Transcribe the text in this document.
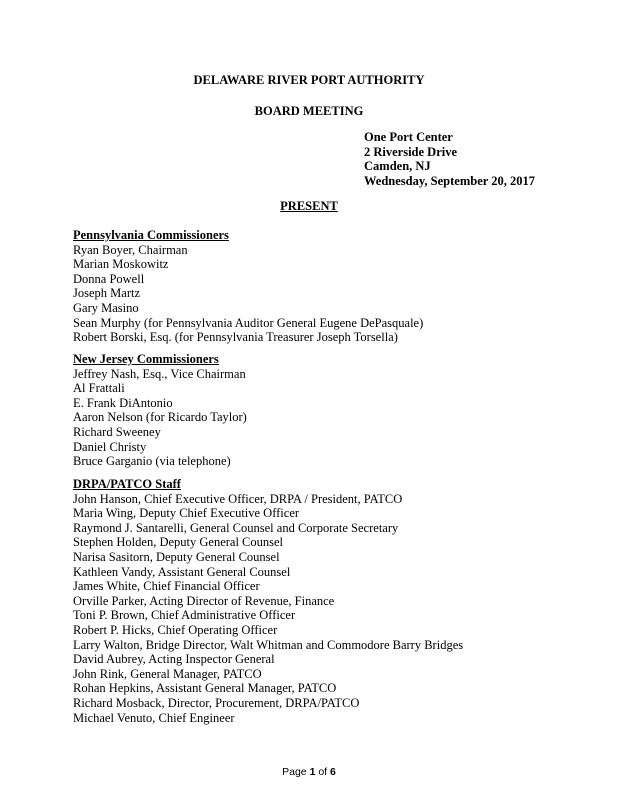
DELAWARE RIVER PORT AUTHORITY
BOARD MEETING
One Port Center
2 Riverside Drive
Camden, NJ
Wednesday, September 20, 2017
PRESENT
Pennsylvania Commissioners
Ryan Boyer, Chairman
Marian Moskowitz
Donna Powell
Joseph Martz
Gary Masino
Sean Murphy (for Pennsylvania Auditor General Eugene DePasquale)
Robert Borski, Esq. (for Pennsylvania Treasurer Joseph Torsella)
New Jersey Commissioners
Jeffrey Nash, Esq., Vice Chairman
Al Frattali
E. Frank DiAntonio
Aaron Nelson (for Ricardo Taylor)
Richard Sweeney
Daniel Christy
Bruce Garganio (via telephone)
DRPA/PATCO Staff
John Hanson, Chief Executive Officer, DRPA / President, PATCO
Maria Wing, Deputy Chief Executive Officer
Raymond J. Santarelli, General Counsel and Corporate Secretary
Stephen Holden, Deputy General Counsel
Narisa Sasitorn, Deputy General Counsel
Kathleen Vandy, Assistant General Counsel
James White, Chief Financial Officer
Orville Parker, Acting Director of Revenue, Finance
Toni P. Brown, Chief Administrative Officer
Robert P. Hicks, Chief Operating Officer
Larry Walton, Bridge Director, Walt Whitman and Commodore Barry Bridges
David Aubrey, Acting Inspector General
John Rink, General Manager, PATCO
Rohan Hepkins, Assistant General Manager, PATCO
Richard Mosback, Director, Procurement, DRPA/PATCO
Michael Venuto, Chief Engineer
Page 1 of 6
